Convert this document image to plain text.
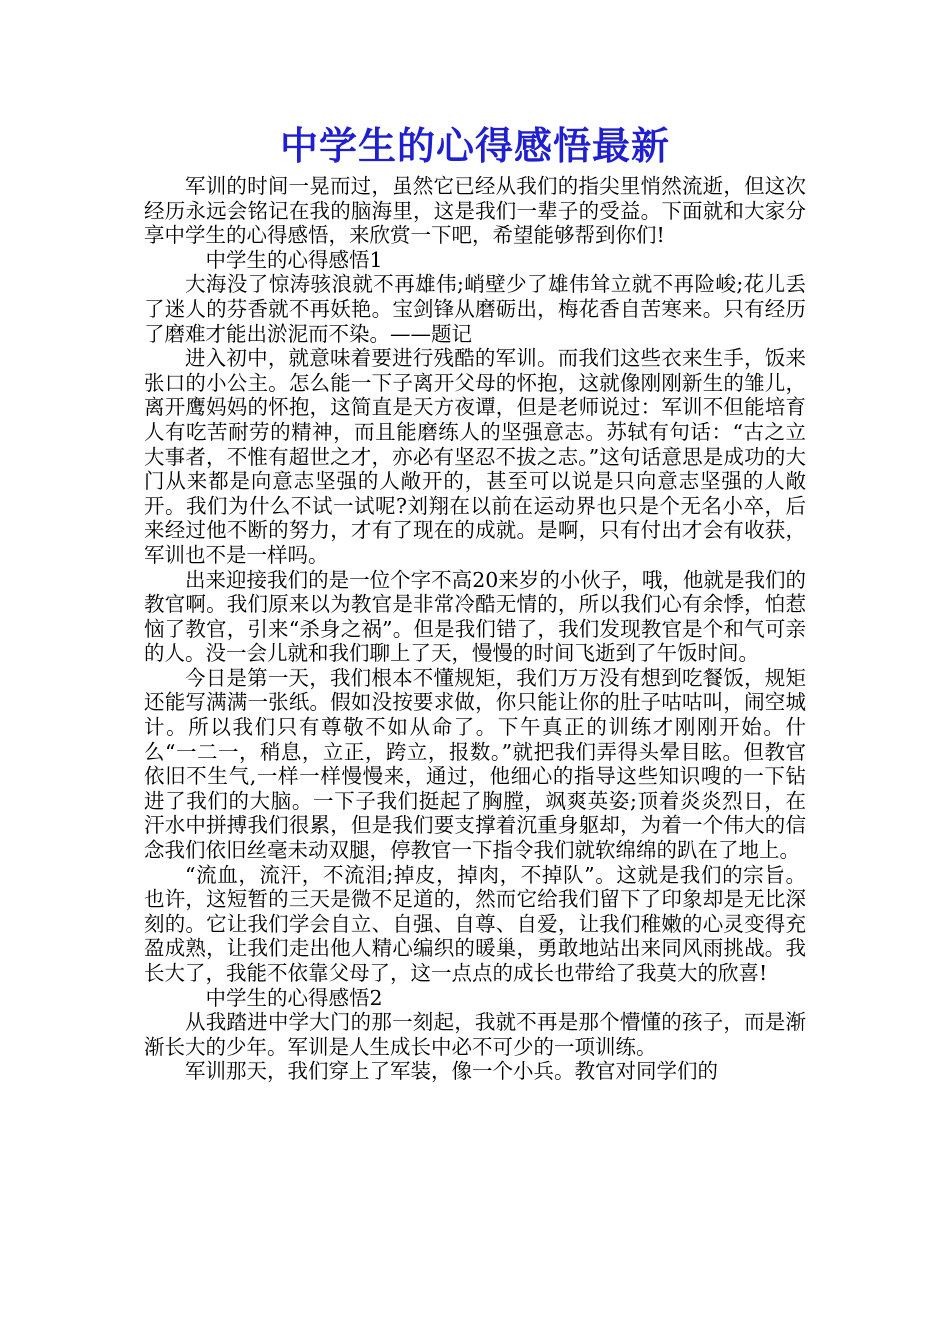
中学生的心得感悟最新

军训的时间一晃而过，虽然它已经从我们的指尖里悄然流逝，但这次经历永远会铭记在我的脑海里，这是我们一辈子的受益。下面就和大家分享中学生的心得感悟，来欣赏一下吧，希望能够帮到你们!

中学生的心得感悟1

大海没了惊涛骇浪就不再雄伟;峭壁少了雄伟耸立就不再险峻;花儿丢了迷人的芬香就不再妖艳。宝剑锋从磨砺出，梅花香自苦寒来。只有经历了磨难才能出淤泥而不染。——题记

进入初中，就意味着要进行残酷的军训。而我们这些衣来生手，饭来张口的小公主。怎么能一下子离开父母的怀抱，这就像刚刚新生的雏儿，离开鹰妈妈的怀抱，这简直是天方夜谭，但是老师说过：军训不但能培育人有吃苦耐劳的精神，而且能磨练人的坚强意志。苏轼有句话：“古之立大事者，不惟有超世之才，亦必有坚忍不拔之志。”这句话意思是成功的大门从来都是向意志坚强的人敞开的，甚至可以说是只向意志坚强的人敞开。我们为什么不试一试呢?刘翔在以前在运动界也只是个无名小卒，后来经过他不断的努力，才有了现在的成就。是啊，只有付出才会有收获，军训也不是一样吗。

出来迎接我们的是一位个字不高20来岁的小伙子，哦，他就是我们的教官啊。我们原来以为教官是非常冷酷无情的，所以我们心有余悸，怕惹恼了教官，引来“杀身之祸”。但是我们错了，我们发现教官是个和气可亲的人。没一会儿就和我们聊上了天，慢慢的时间飞逝到了午饭时间。

今日是第一天，我们根本不懂规矩，我们万万没有想到吃餐饭，规矩还能写满满一张纸。假如没按要求做，你只能让你的肚子咕咕叫，闹空城计。所以我们只有尊敬不如从命了。下午真正的训练才刚刚开始。什么“一二一，稍息，立正，跨立，报数。”就把我们弄得头晕目眩。但教官依旧不生气,一样一样慢慢来，通过，他细心的指导这些知识嗖的一下钻进了我们的大脑。一下子我们挺起了胸膛，飒爽英姿;顶着炎炎烈日，在汗水中拼搏我们很累，但是我们要支撑着沉重身躯却，为着一个伟大的信念我们依旧丝毫未动双腿，停教官一下指令我们就软绵绵的趴在了地上。

“流血，流汗，不流泪;掉皮，掉肉，不掉队”。这就是我们的宗旨。也许，这短暂的三天是微不足道的，然而它给我们留下了印象却是无比深刻的。它让我们学会自立、自强、自尊、自爱，让我们稚嫩的心灵变得充盈成熟，让我们走出他人精心编织的暖巢，勇敢地站出来同风雨挑战。我长大了，我能不依靠父母了，这一点点的成长也带给了我莫大的欣喜!

中学生的心得感悟2

从我踏进中学大门的那一刻起，我就不再是那个懵懂的孩子，而是渐渐长大的少年。军训是人生成长中必不可少的一项训练。

军训那天，我们穿上了军装，像一个小兵。教官对同学们的
